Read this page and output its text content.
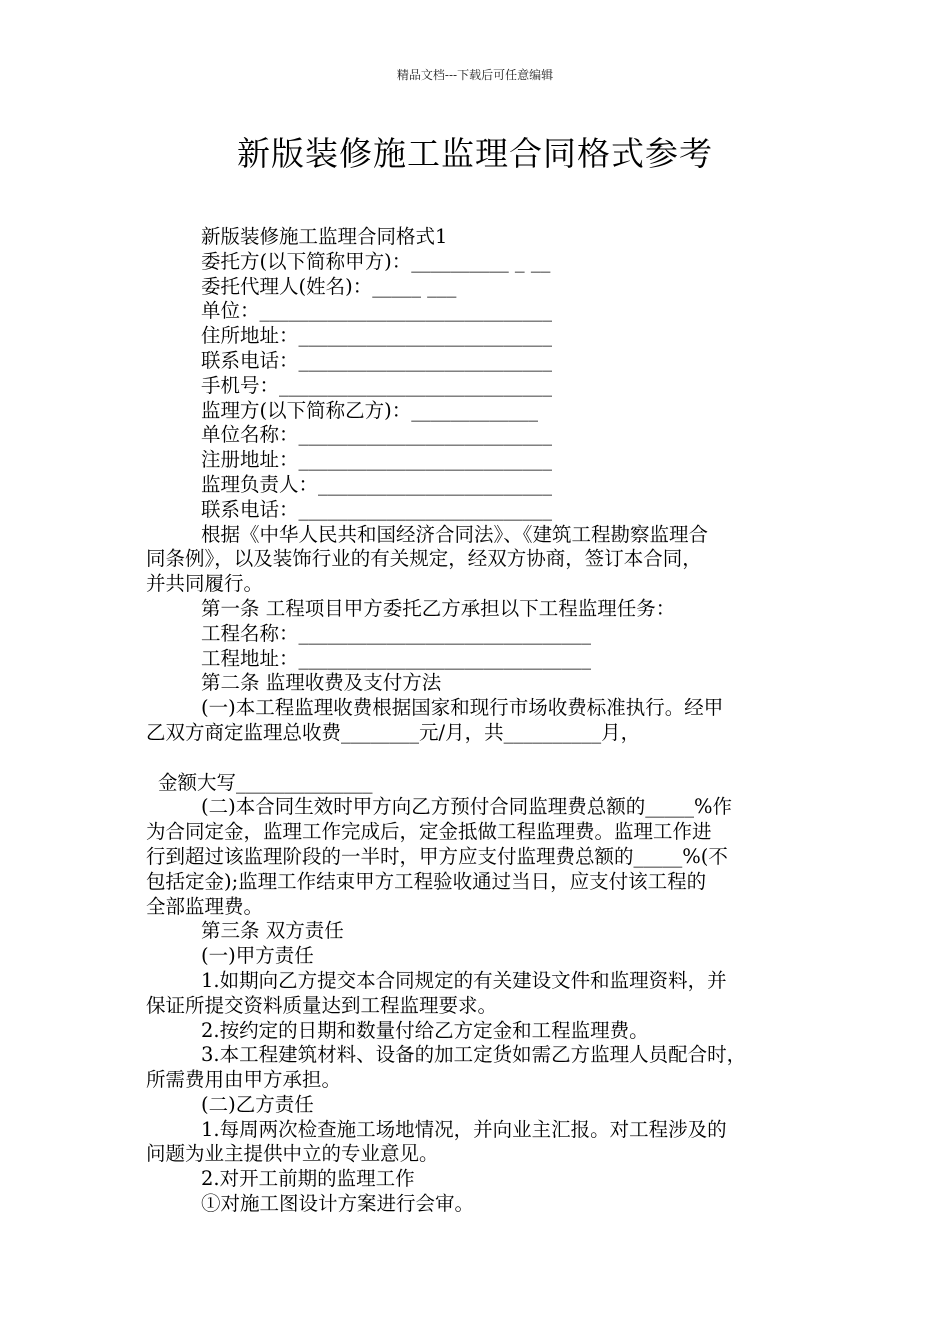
精品文档---下载后可任意编辑
新版装修施工监理合同格式参考
新版装修施工监理合同格式1
委托方(以下简称甲方)：__________ _ __
委托代理人(姓名)：_____ ___
单位：______________________________
住所地址：__________________________
联系电话：__________________________
手机号：____________________________
监理方(以下简称乙方)：_____________
单位名称：__________________________
注册地址：__________________________
监理负责人：________________________
联系电话：__________________________
根据《中华人民共和国经济合同法》、《建筑工程勘察监理合
同条例》，以及装饰行业的有关规定，经双方协商，签订本合同，
并共同履行。
第一条 工程项目甲方委托乙方承担以下工程监理任务：
工程名称：______________________________
工程地址：______________________________
第二条 监理收费及支付方法
(一)本工程监理收费根据国家和现行市场收费标准执行。经甲
乙双方商定监理总收费________元/月，共__________月，
金额大写______________
(二)本合同生效时甲方向乙方预付合同监理费总额的_____%作
为合同定金，监理工作完成后，定金抵做工程监理费。监理工作进
行到超过该监理阶段的一半时，甲方应支付监理费总额的_____%(不
包括定金);监理工作结束甲方工程验收通过当日，应支付该工程的
全部监理费。
第三条 双方责任
(一)甲方责任
1.如期向乙方提交本合同规定的有关建设文件和监理资料，并
保证所提交资料质量达到工程监理要求。
2.按约定的日期和数量付给乙方定金和工程监理费。
3.本工程建筑材料、设备的加工定货如需乙方监理人员配合时，
所需费用由甲方承担。
(二)乙方责任
1.每周两次检查施工场地情况，并向业主汇报。对工程涉及的
问题为业主提供中立的专业意见。
2.对开工前期的监理工作
①对施工图设计方案进行会审。
